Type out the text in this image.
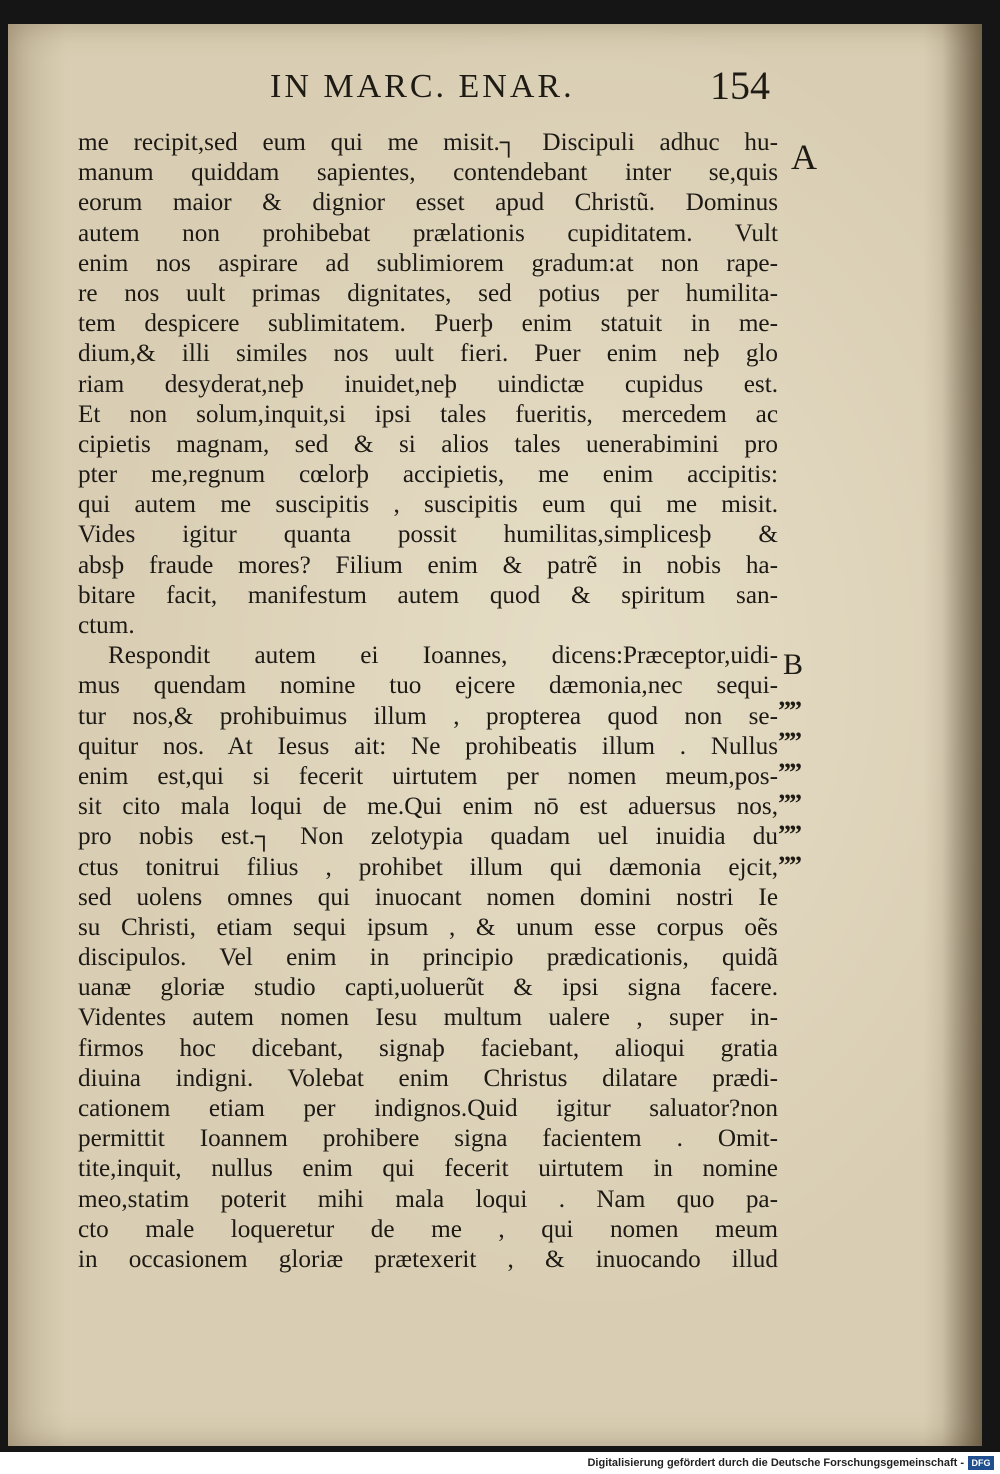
IN MARC. ENAR.	154
A
B
””
””
””
””
””
””
me recipit,sed eum qui me misit.┐ Discipuli adhuc hu-
manum quiddam sapientes, contendebant inter se,quis
eorum maior & dignior esset apud Christũ. Dominus
autem non prohibebat prælationis cupiditatem. Vult
enim nos aspirare ad sublimiorem gradum:at non rape-
re nos uult primas dignitates, sed potius per humilita-
tem despicere sublimitatem. Puerþ enim statuit in me-
dium,& illi similes nos uult fieri. Puer enim neþ glo
riam desyderat,neþ inuidet,neþ uindictæ cupidus est.
Et non solum,inquit,si ipsi tales fueritis, mercedem ac
cipietis magnam, sed & si alios tales uenerabimini pro
pter me,regnum cœlorþ accipietis, me enim accipitis:
qui autem me suscipitis , suscipitis eum qui me misit.
Vides igitur quanta possit humilitas,simplicesþ &
absþ fraude mores? Filium enim & patrẽ in nobis ha-
bitare facit, manifestum autem quod & spiritum san-
ctum.
Respondit autem ei Ioannes, dicens:Præceptor,uidi-
mus quendam nomine tuo ejcere dæmonia,nec sequi-
tur nos,& prohibuimus illum , propterea quod non se-
quitur nos. At Iesus ait: Ne prohibeatis illum . Nullus
enim est,qui si fecerit uirtutem per nomen meum,pos-
sit cito mala loqui de me.Qui enim nō est aduersus nos,
pro nobis est.┐ Non zelotypia quadam uel inuidia du
ctus tonitrui filius , prohibet illum qui dæmonia ejcit,
sed uolens omnes qui inuocant nomen domini nostri Ie
su Christi, etiam sequi ipsum , & unum esse corpus oẽs
discipulos. Vel enim in principio prædicationis, quidã
uanæ gloriæ studio capti,uoluerũt & ipsi signa facere.
Videntes autem nomen Iesu multum ualere , super in-
firmos hoc dicebant, signaþ faciebant, alioqui gratia
diuina indigni. Volebat enim Christus dilatare prædi-
cationem etiam per indignos.Quid igitur saluator?non
permittit Ioannem prohibere signa facientem . Omit-
tite,inquit, nullus enim qui fecerit uirtutem in nomine
meo,statim poterit mihi mala loqui . Nam quo pa-
cto male loqueretur de me , qui nomen meum
in occasionem gloriæ prætexerit , & inuocando illud
Digitalisierung gefördert durch die Deutsche Forschungsgemeinschaft - DFG
